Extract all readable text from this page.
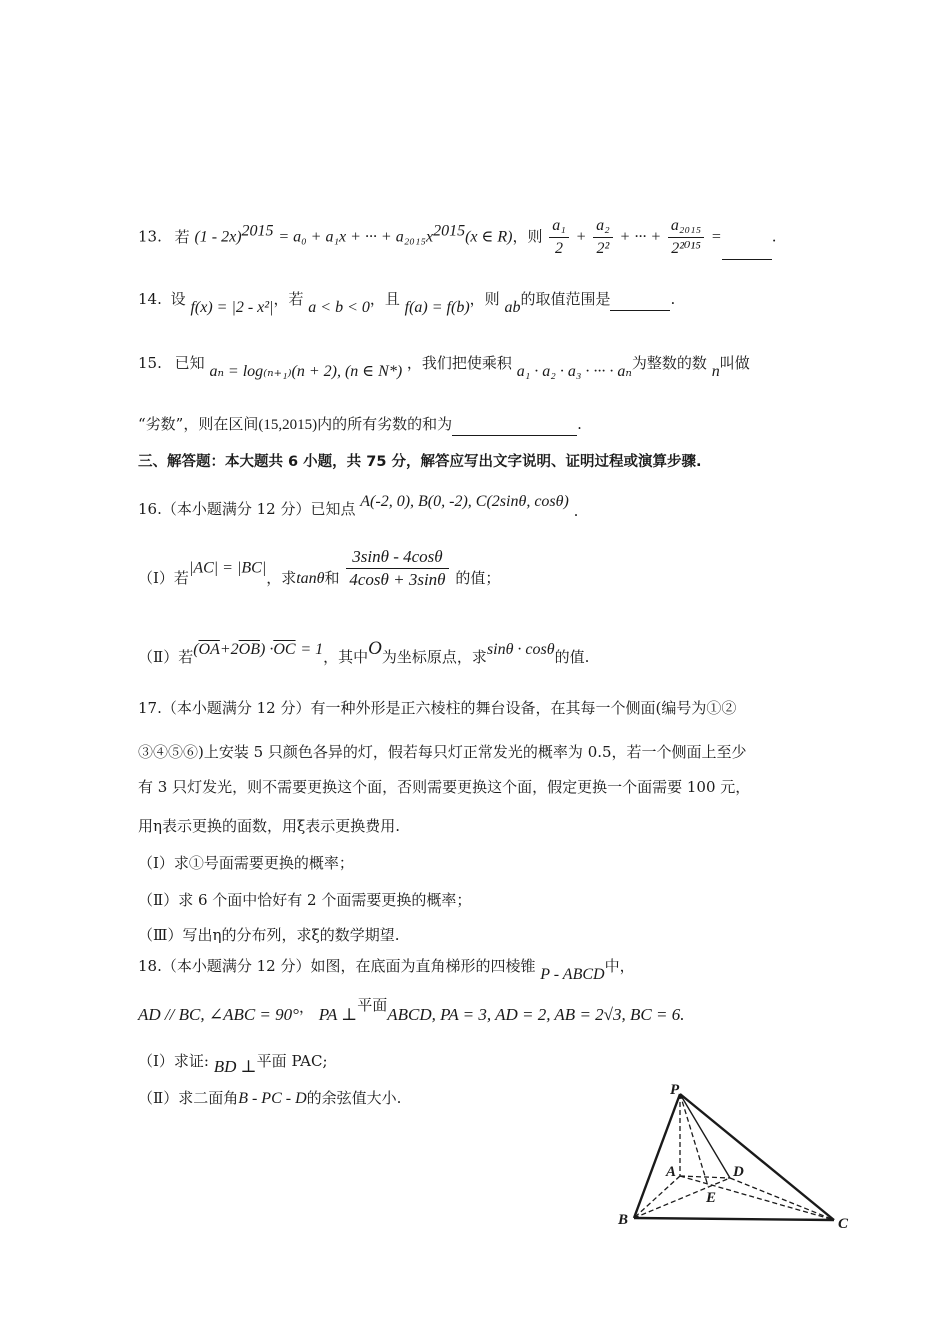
13. 若 (1 - 2x)$^{2015}$ = a₀ + a₁x + ··· + $a_{2015}x^{2015}(x$ ∈ R)，则 $\frac{\text{a₁}}{2} + \frac{\text{a₂}}{\text{2²}}$ + ··· + $\frac{\text{a₂₀₁₅}}{\text{2²⁰¹⁵}}$ =	.
14. 设 f(x) = |2 - x²|，若 a < b < 0，且 f(a) = f(b)，则 ab的取值范围是	.
15. 已知 aₙ = log₍ₙ₊₁₎(n + 2), (n ∈ N*) ，我们把使乘积 a₁ · a₂ · a₃ · ··· · aₙ为整数的数 n叫做
“劣数”，则在区间(15,2015)内的所有劣数的和为	.
三、解答题：本大题共 6 小题，共 75 分，解答应写出文字说明、证明过程或演算步骤.
16.（本小题满分 12 分）已知点 A(-2, 0), B(0, -2), C(2sinθ, cosθ) .
（Ⅰ）若|AC| = |BC|，求tanθ和 $\frac{3\sin\theta - 4\cos\theta}{4\cos\theta + 3\sin\theta}$ 的值；
（Ⅱ）若$(\overline{OA}+2\overline{OB}) \cdot\overline{OC} = 1$，其中O为坐标原点，求sinθ · cosθ的值.
17.（本小题满分 12 分）有一种外形是正六棱柱的舞台设备，在其每一个侧面(编号为①②
③④⑤⑥)上安装 5 只颜色各异的灯，假若每只灯正常发光的概率为 0.5，若一个侧面上至少
有 3 只灯发光，则不需要更换这个面，否则需要更换这个面，假定更换一个面需要 100 元，
用η表示更换的面数，用ξ表示更换费用.
（Ⅰ）求①号面需要更换的概率；
（Ⅱ）求 6 个面中恰好有 2 个面需要更换的概率；
（Ⅲ）写出η的分布列，求ξ的数学期望.
18.（本小题满分 12 分）如图，在底面为直角梯形的四棱锥 P - ABCD中，
AD // BC, ∠ABC = 90°， PA ⊥平面ABCD, PA = 3, AD = 2, AB = 2√3, BC = 6.
（Ⅰ）求证: BD ⊥平面 PAC;
（Ⅱ）求二面角B - PC - D的余弦值大小.	P
A	D
E
B	C
